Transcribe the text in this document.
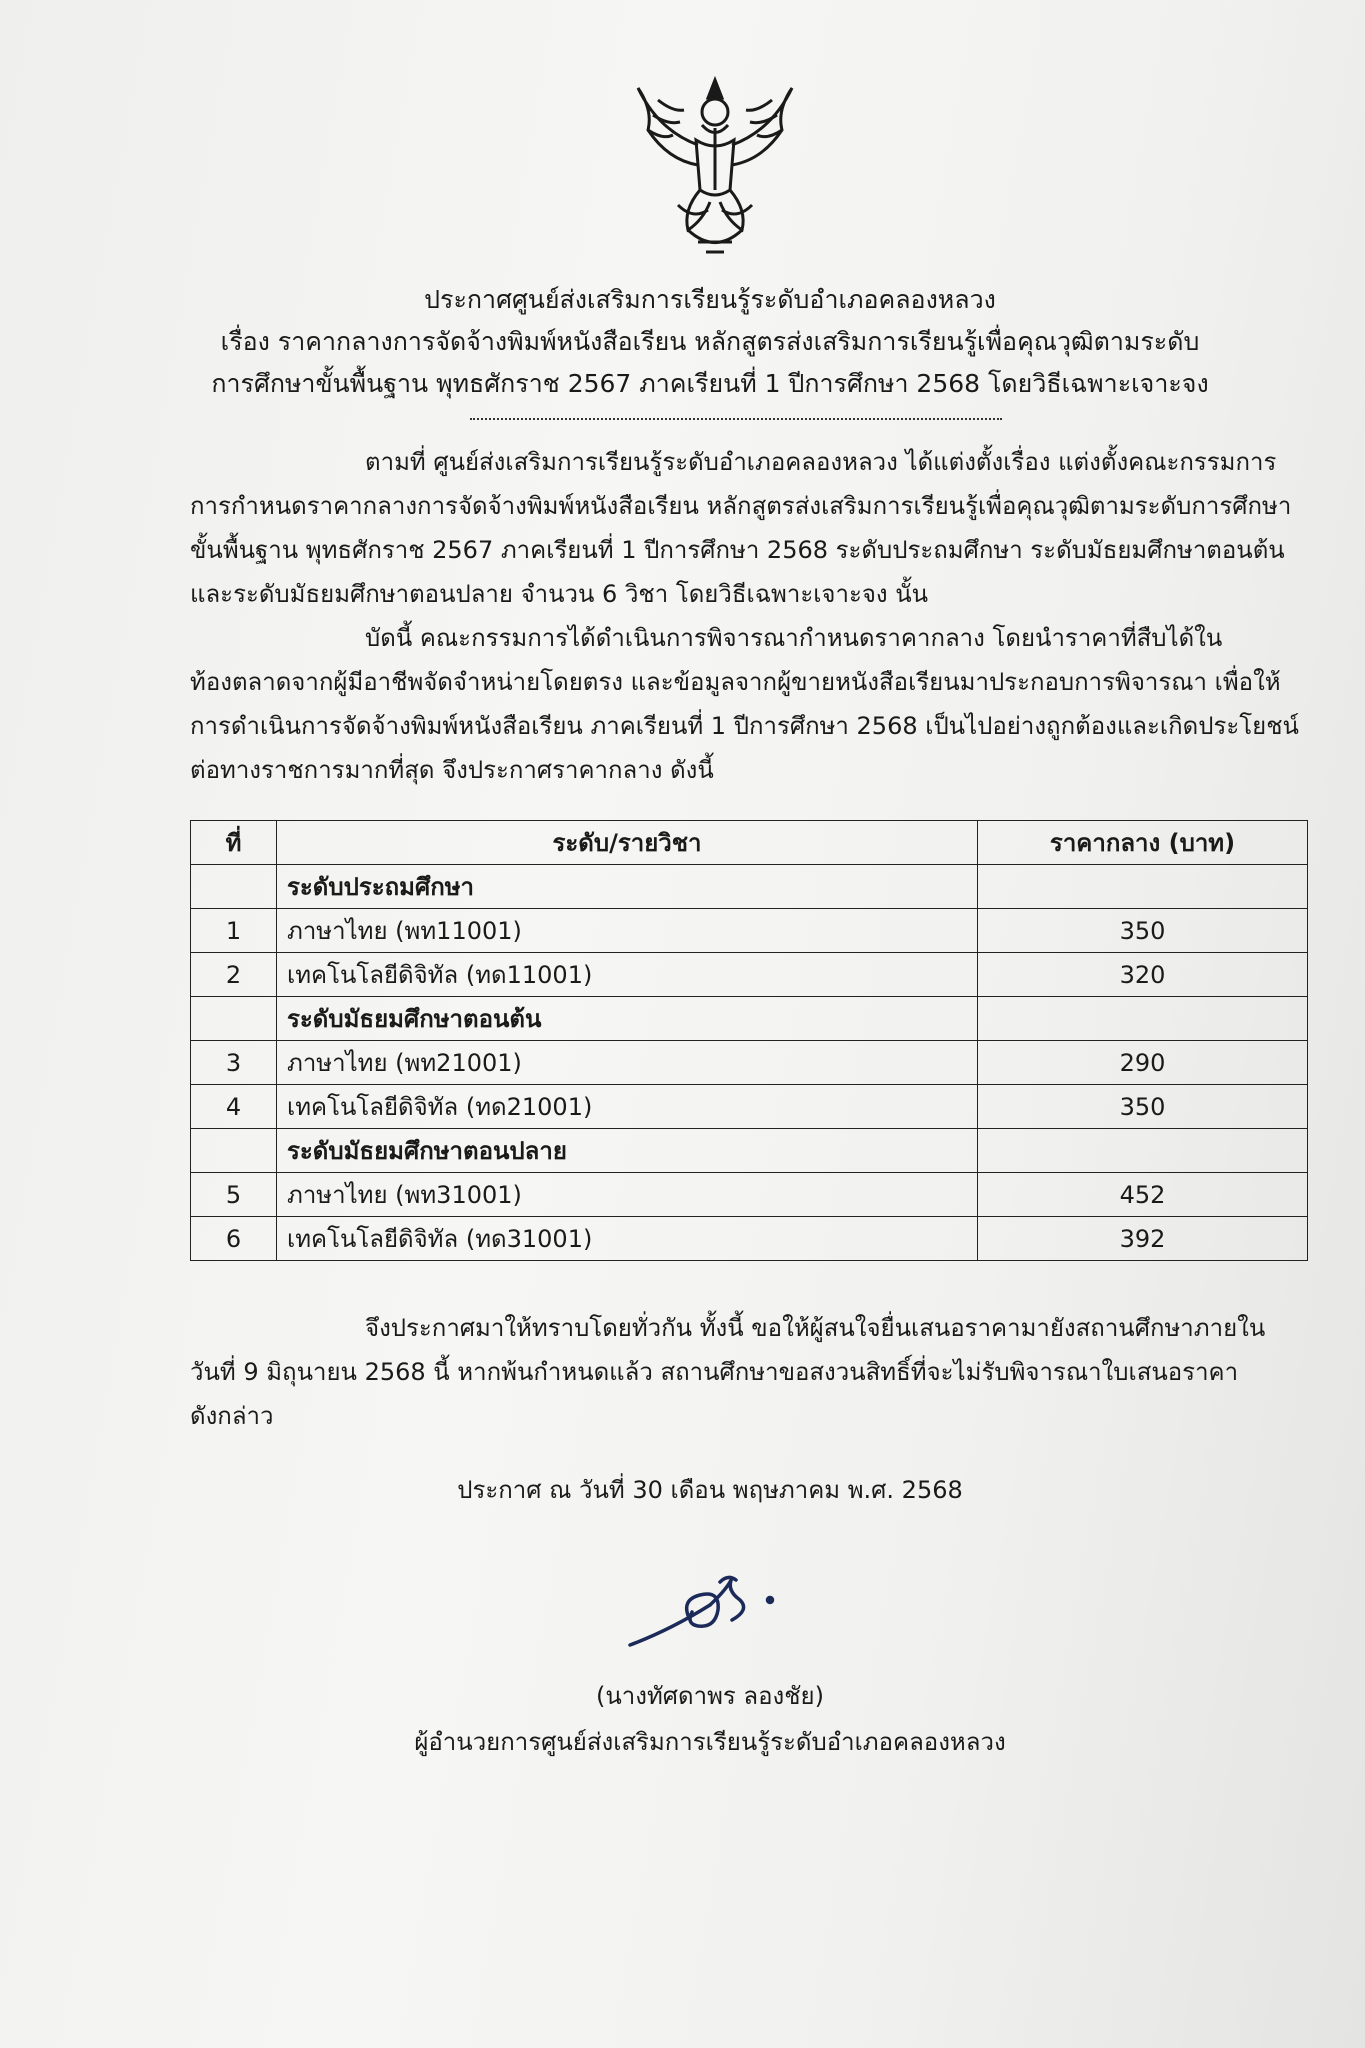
ประกาศศูนย์ส่งเสริมการเรียนรู้ระดับอำเภอคลองหลวง
เรื่อง ราคากลางการจัดจ้างพิมพ์หนังสือเรียน หลักสูตรส่งเสริมการเรียนรู้เพื่อคุณวุฒิตามระดับ
การศึกษาขั้นพื้นฐาน พุทธศักราช 2567 ภาคเรียนที่ 1 ปีการศึกษา 2568 โดยวิธีเฉพาะเจาะจง
ตามที่ ศูนย์ส่งเสริมการเรียนรู้ระดับอำเภอคลองหลวง ได้แต่งตั้งเรื่อง แต่งตั้งคณะกรรมการ
การกำหนดราคากลางการจัดจ้างพิมพ์หนังสือเรียน หลักสูตรส่งเสริมการเรียนรู้เพื่อคุณวุฒิตามระดับการศึกษา
ขั้นพื้นฐาน พุทธศักราช 2567 ภาคเรียนที่ 1 ปีการศึกษา 2568 ระดับประถมศึกษา ระดับมัธยมศึกษาตอนต้น
และระดับมัธยมศึกษาตอนปลาย จำนวน 6 วิชา โดยวิธีเฉพาะเจาะจง นั้น
บัดนี้ คณะกรรมการได้ดำเนินการพิจารณากำหนดราคากลาง โดยนำราคาที่สืบได้ใน
ท้องตลาดจากผู้มีอาชีพจัดจำหน่ายโดยตรง และข้อมูลจากผู้ขายหนังสือเรียนมาประกอบการพิจารณา เพื่อให้
การดำเนินการจัดจ้างพิมพ์หนังสือเรียน ภาคเรียนที่ 1 ปีการศึกษา 2568 เป็นไปอย่างถูกต้องและเกิดประโยชน์
ต่อทางราชการมากที่สุด จึงประกาศราคากลาง ดังนี้
ที่	ระดับ/รายวิชา	ราคากลาง (บาท)
	ระดับประถมศึกษา	
1	ภาษาไทย (พท11001)	350
2	เทคโนโลยีดิจิทัล (ทด11001)	320
	ระดับมัธยมศึกษาตอนต้น	
3	ภาษาไทย (พท21001)	290
4	เทคโนโลยีดิจิทัล (ทด21001)	350
	ระดับมัธยมศึกษาตอนปลาย	
5	ภาษาไทย (พท31001)	452
6	เทคโนโลยีดิจิทัล (ทด31001)	392
จึงประกาศมาให้ทราบโดยทั่วกัน ทั้งนี้ ขอให้ผู้สนใจยื่นเสนอราคามายังสถานศึกษาภายใน
วันที่ 9 มิถุนายน 2568 นี้ หากพ้นกำหนดแล้ว สถานศึกษาขอสงวนสิทธิ์ที่จะไม่รับพิจารณาใบเสนอราคา
ดังกล่าว
ประกาศ ณ วันที่ 30 เดือน พฤษภาคม พ.ศ. 2568
(นางทัศดาพร ลองชัย)
ผู้อำนวยการศูนย์ส่งเสริมการเรียนรู้ระดับอำเภอคลองหลวง
